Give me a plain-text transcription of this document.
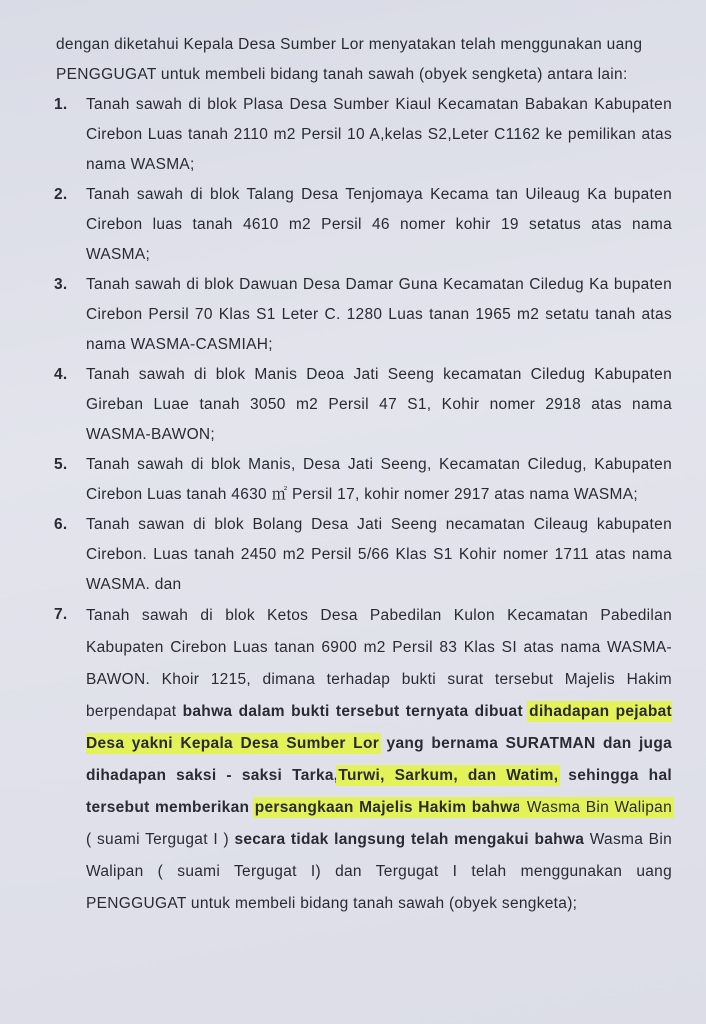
dengan diketahui Kepala Desa Sumber Lor menyatakan telah menggunakan uang PENGGUGAT untuk membeli bidang tanah sawah (obyek sengketa) antara lain:

1.	Tanah sawah di blok Plasa Desa Sumber Kiaul Kecamatan Babakan Kabupaten Cirebon Luas tanah 2110 m2 Persil 10 A,kelas S2,Leter C1162 ke pemilikan atas nama WASMA;
2.	Tanah sawah di blok Talang Desa Tenjomaya Kecama tan Uileaug Ka bupaten Cirebon luas tanah 4610 m2 Persil 46 nomer kohir 19 setatus atas nama WASMA;
3.	Tanah sawah di blok Dawuan Desa Damar Guna Kecamatan Ciledug Ka bupaten Cirebon Persil 70 Klas S1 Leter C. 1280 Luas tanan 1965 m2 setatu tanah atas nama WASMA-CASMIAH;
4.	Tanah sawah di blok Manis Deoa Jati Seeng kecamatan Ciledug Kabupaten Gireban Luae tanah 3050 m2 Persil 47 S1, Kohir nomer 2918 atas nama WASMA-BAWON;
5.	Tanah sawah di blok Manis, Desa Jati Seeng, Kecamatan Ciledug, Kabupaten Cirebon Luas tanah 4630 ㎡ Persil 17, kohir nomer 2917 atas nama WASMA;
6.	Tanah sawan di blok Bolang Desa Jati Seeng necamatan Cileaug kabupaten Cirebon. Luas tanah 2450 m2 Persil 5/66 Klas S1 Kohir nomer 1711 atas nama WASMA. dan
7.	Tanah sawah di blok Ketos Desa Pabedilan Kulon Kecamatan Pabedilan Kabupaten Cirebon Luas tanan 6900 m2 Persil 83 Klas SI atas nama WASMA-BAWON. Khoir 1215, dimana terhadap bukti surat tersebut Majelis Hakim berpendapat bahwa dalam bukti tersebut ternyata dibuat dihadapan pejabat Desa yakni Kepala Desa Sumber Lor yang bernama SURATMAN dan juga dihadapan saksi - saksi Tarka,Turwi, Sarkum, dan Watim, sehingga hal tersebut memberikan persangkaan Majelis Hakim bahwa Wasma Bin Walipan ( suami Tergugat I ) secara tidak langsung telah mengakui bahwa Wasma Bin Walipan ( suami Tergugat I) dan Tergugat I telah menggunakan uang PENGGUGAT untuk membeli bidang tanah sawah (obyek sengketa);
